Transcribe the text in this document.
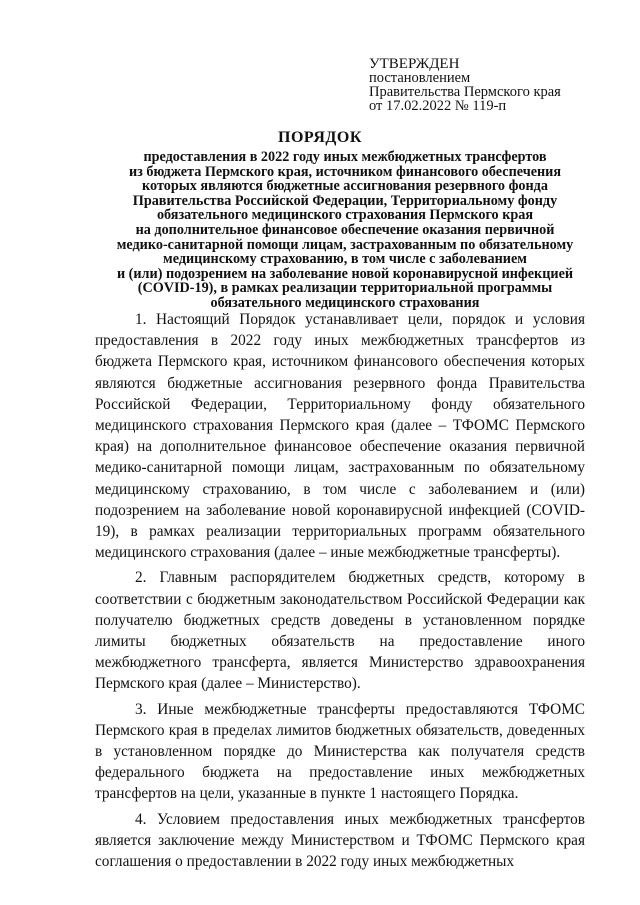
УТВЕРЖДЕН
постановлением
Правительства Пермского края
от 17.02.2022 № 119-п
ПОРЯДОК
предоставления в 2022 году иных межбюджетных трансфертов
из бюджета Пермского края, источником финансового обеспечения
которых являются бюджетные ассигнования резервного фонда
Правительства Российской Федерации, Территориальному фонду
обязательного медицинского страхования Пермского края
на дополнительное финансовое обеспечение оказания первичной
медико-санитарной помощи лицам, застрахованным по обязательному
медицинскому страхованию, в том числе с заболеванием
и (или) подозрением на заболевание новой коронавирусной инфекцией
(COVID-19), в рамках реализации территориальной программы
обязательного медицинского страхования

1. Настоящий Порядок устанавливает цели, порядок и условия предоставления в 2022 году иных межбюджетных трансфертов из бюджета Пермского края, источником финансового обеспечения которых являются бюджетные ассигнования резервного фонда Правительства Российской Федерации, Территориальному фонду обязательного медицинского страхования Пермского края (далее – ТФОМС Пермского края) на дополнительное финансовое обеспечение оказания первичной медико-санитарной помощи лицам, застрахованным по обязательному медицинскому страхованию, в том числе с заболеванием и (или) подозрением на заболевание новой коронавирусной инфекцией (COVID-19), в рамках реализации территориальных программ обязательного медицинского страхования (далее – иные межбюджетные трансферты).

2. Главным распорядителем бюджетных средств, которому в соответствии с бюджетным законодательством Российской Федерации как получателю бюджетных средств доведены в установленном порядке лимиты бюджетных обязательств на предоставление иного межбюджетного трансферта, является Министерство здравоохранения Пермского края (далее – Министерство).

3. Иные межбюджетные трансферты предоставляются ТФОМС Пермского края в пределах лимитов бюджетных обязательств, доведенных в установленном порядке до Министерства как получателя средств федерального бюджета на предоставление иных межбюджетных трансфертов на цели, указанные в пункте 1 настоящего Порядка.

4. Условием предоставления иных межбюджетных трансфертов является заключение между Министерством и ТФОМС Пермского края соглашения о предоставлении в 2022 году иных межбюджетных
